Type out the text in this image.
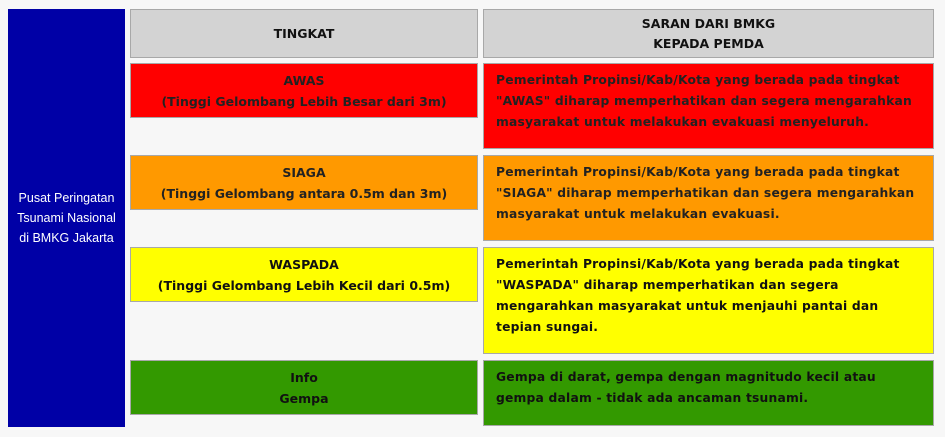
Pusat Peringatan Tsunami Nasional di BMKG Jakarta
TINGKAT
SARAN DARI BMKG
KEPADA PEMDA
AWAS
(Tinggi Gelombang Lebih Besar dari 3m)
Pemerintah Propinsi/Kab/Kota yang berada pada tingkat "AWAS" diharap memperhatikan dan segera mengarahkan masyarakat untuk melakukan evakuasi menyeluruh.
SIAGA
(Tinggi Gelombang antara 0.5m dan 3m)
Pemerintah Propinsi/Kab/Kota yang berada pada tingkat "SIAGA" diharap memperhatikan dan segera mengarahkan masyarakat untuk melakukan evakuasi.
WASPADA
(Tinggi Gelombang Lebih Kecil dari 0.5m)
Pemerintah Propinsi/Kab/Kota yang berada pada tingkat "WASPADA" diharap memperhatikan dan segera mengarahkan masyarakat untuk menjauhi pantai dan tepian sungai.
Info
Gempa
Gempa di darat, gempa dengan magnitudo kecil atau gempa dalam - tidak ada ancaman tsunami.
